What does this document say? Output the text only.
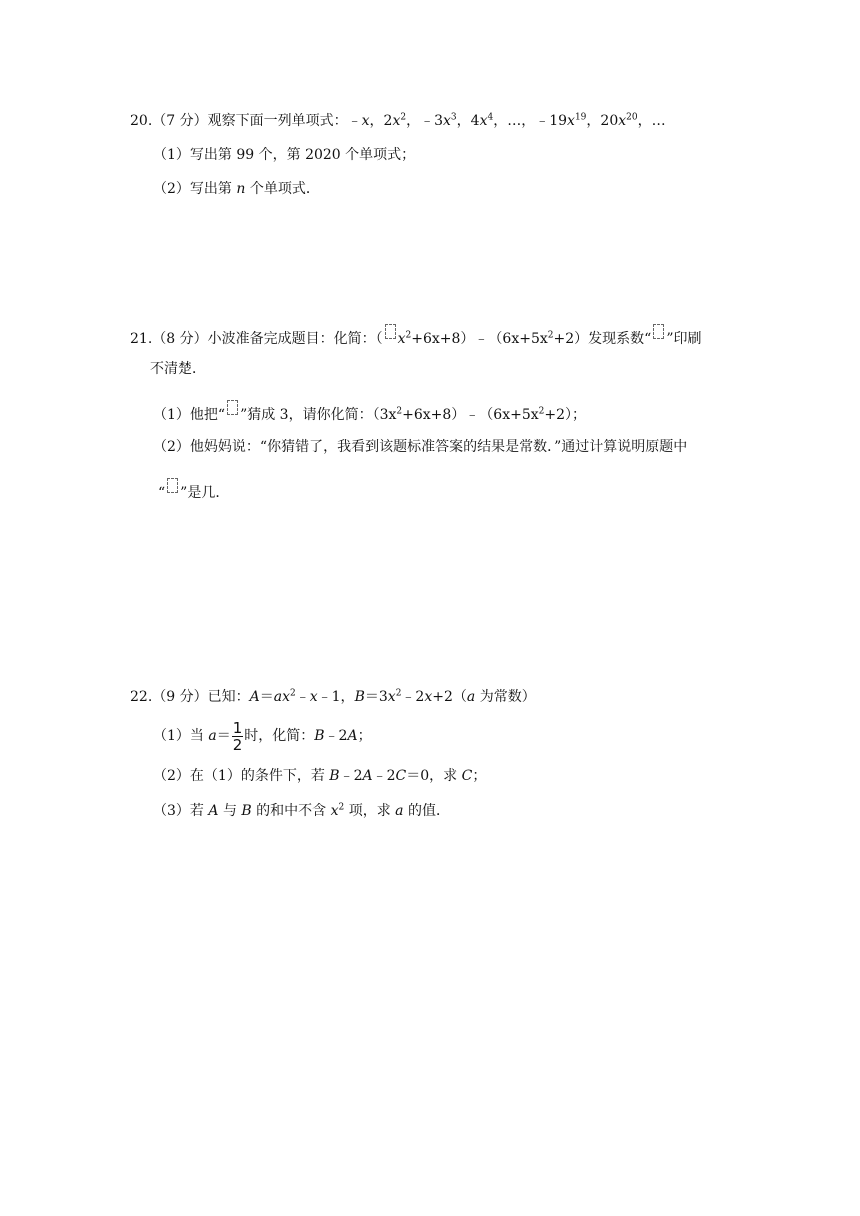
20.（7 分）观察下面一列单项式：﹣x，$2x^2$，$﹣3x^3$，$4x^4$，…，$﹣19x^{19}$，$20x^{20}$，…
（1）写出第 99 个，第 2020 个单项式；
（2）写出第 n 个单项式．
21.（8 分）小波准备完成题目：化简：（ $x^2+6x+8)﹣(6x+5x^2+2)$发现系数“ ”印刷
不清楚．
（1）他把“ ”猜成 3，请你化简：$(3x^2+6x+8)﹣(6x+5x^2+2)$；
（2）他妈妈说：“你猜错了，我看到该题标准答案的结果是常数．”通过计算说明原题中
“ ”是几．
22.（9 分）已知：$A=ax^2﹣x﹣1$，$B=3x^2﹣2x+2(a$ 为常数）
（1）当 $a= \frac{1}{2}$ 时，化简：B﹣2A；
（2）在（1）的条件下，若 B﹣2A﹣2C＝0，求 C；
（3）若 A 与 B 的和中不含 $x^2$ 项，求 a 的值．
